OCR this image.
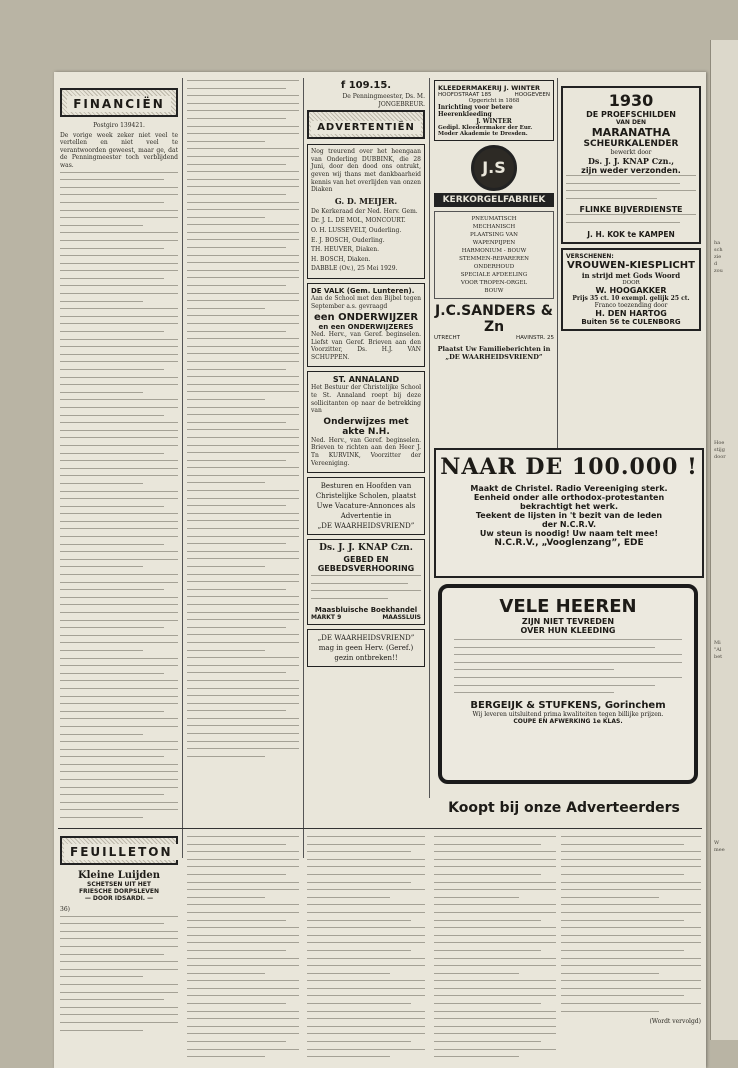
FINANCIËN
Postgiro 139421.
De vorige week zeker niet veel te vertellen en niet veel te verantwoorden geweest, maar ge, dat de Penningmeester toch verblijdend was.
f 109.15.
De Penningmeester, Ds. M. JONGEBREUR.
ADVERTENTIËN
Nog treurend over het heengaan van Onderling DUBBINK, die 28 Juni, door den dood ons ontrukt, geven wij thans met dankbaarheid kennis van het overlijden van onzen Diaken
G. D. MEIJER.
De Kerkeraad der Ned. Herv. Gem.
Dr. J. L. DE MOL, MONCOURT.
O. H. LUSSEVELT, Ouderling.
E. J. BOSCH, Ouderling.
TH. HEUVER, Diaken.
H. BOSCH, Diaken.
DABBLE (Ov.), 25 Mei 1929.
DE VALK (Gem. Lunteren).
Aan de School met den Bijbel tegen September a.s. gevraagd
een ONDERWIJZER
en een ONDERWIJZERES
Ned. Herv., van Geref. beginselen. Liefst van Geref. Brieven aan den Voorzitter, Ds. H.J. VAN SCHUPPEN.
ST. ANNALAND
Het Bestuur der Christelijke School te St. Annaland roept bij deze sollicitanten op naar de betrekking van
Onderwijzes met akte N.H.
Ned. Herv., van Geref. beginselen. Brieven te richten aan den Heer J. Tn KURVINK, Voorzitter der Vereeniging.
Besturen en Hoofden van
Christelijke Scholen, plaatst
Uwe Vacature-Annonces als
Advertentie in
„DE WAARHEIDSVRIEND”
Ds. J. J. KNAP Czn.
GEBED EN GEBEDSVERHOORING
Maasbluische Boekhandel
MARKT 9	MAASSLUIS
„DE WAARHEIDSVRIEND”
mag in geen Herv. (Geref.)
gezin ontbreken!!
KLEEDERMAKERIJ J. WINTER
HOOFDSTRAAT 185	HOOGEVEEN
Opgericht in 1868
Inrichting voor betere Heerenkleeding
J. WINTER
Gedipl. Kleedermaker der Eur. Moder Akademie te Dresden.
J.S
KERKORGELFABRIEK
PNEUMATISCH
MECHANISCH
PLAATSING VAN
WAPENPIJPEN
HARMONIUM - BOUW
STEMMEN-REPAREREN
ONDERHOUD
SPECIALE AFDEELING
VOOR TROPEN-ORGEL
BOUW
J.C.SANDERS & Zn
UTRECHT	HAVINSTR. 25
Plaatst Uw Familieberichten in „DE WAARHEIDSVRIEND”
1930
DE PROEFSCHILDEN
VAN DEN
MARANATHA
SCHEURKALENDER
bewerkt door
Ds. J. J. KNAP Czn.,
zijn weder verzonden.
FLINKE BIJVERDIENSTE
J. H. KOK te KAMPEN
VERSCHENEN:
VROUWEN-KIESPLICHT
in strijd met Gods Woord
DOOR
W. HOOGAKKER
Prijs 35 ct. 10 exempl. gelijk 25 ct.
Franco toezending door
H. DEN HARTOG
Buiten 56 te CULENBORG
NAAR DE 100.000 !
Maakt de Christel. Radio Vereeniging sterk.
Eenheid onder alle orthodox-protestanten
bekrachtigt het werk.
Teekent de lijsten in 't bezit van de leden
der N.C.R.V.
Uw steun is noodig! Uw naam telt mee!
N.C.R.V., „Vooglenzang”, EDE
VELE HEEREN
ZIJN NIET TEVREDEN
OVER HUN KLEEDING
BERGEIJK & STUFKENS, Gorinchem
Wij leveren uitsluitend prima kwaliteiten tegen billijke prijzen.
COUPE EN AFWERKING 1e KLAS.
Koopt bij onze Adverteerders
FEUILLETON
Kleine Luijden
SCHETSEN UIT HET
FRIESCHE DORPSLEVEN
— DOOR IDSARDI. —
36)
(Wordt vervolgd)
ha
sch
zie
d
zou
Hoe
stijg
door
Mi
"Al
bet
W
mee
